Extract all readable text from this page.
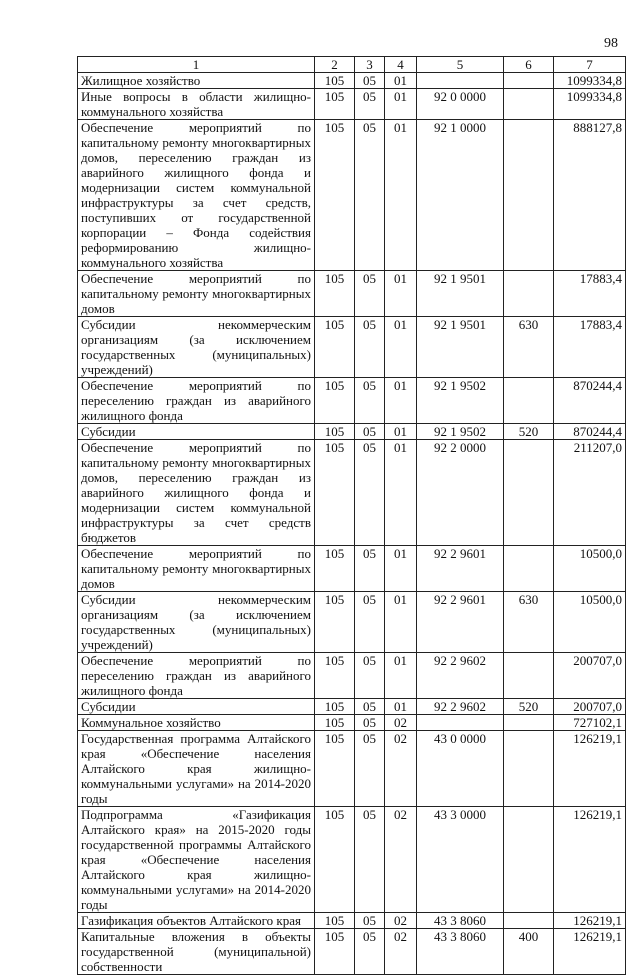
98
1	2	3	4	5	6	7
Жилищное хозяйство	105	05	01			1099334,8
Иные вопросы в области жилищно-коммунального хозяйства	105	05	01	92 0 0000		1099334,8
Обеспечение мероприятий по капитальному ремонту многоквартирных домов, переселению граждан из аварийного жилищного фонда и модернизации систем коммунальной инфраструктуры за счет средств, поступивших от государственной корпорации – Фонда содействия реформированию жилищно-коммунального хозяйства	105	05	01	92 1 0000		888127,8
Обеспечение мероприятий по капитальному ремонту многоквартирных домов	105	05	01	92 1 9501		17883,4
Субсидии некоммерческим организациям (за исключением государственных (муниципальных) учреждений)	105	05	01	92 1 9501	630	17883,4
Обеспечение мероприятий по переселению граждан из аварийного жилищного фонда	105	05	01	92 1 9502		870244,4
Субсидии	105	05	01	92 1 9502	520	870244,4
Обеспечение мероприятий по капитальному ремонту многоквартирных домов, переселению граждан из аварийного жилищного фонда и модернизации систем коммунальной инфраструктуры за счет средств бюджетов	105	05	01	92 2 0000		211207,0
Обеспечение мероприятий по капитальному ремонту многоквартирных домов	105	05	01	92 2 9601		10500,0
Субсидии некоммерческим организациям (за исключением государственных (муниципальных) учреждений)	105	05	01	92 2 9601	630	10500,0
Обеспечение мероприятий по переселению граждан из аварийного жилищного фонда	105	05	01	92 2 9602		200707,0
Субсидии	105	05	01	92 2 9602	520	200707,0
Коммунальное хозяйство	105	05	02			727102,1
Государственная программа Алтайского края «Обеспечение населения Алтайского края жилищно-коммунальными услугами» на 2014-2020 годы	105	05	02	43 0 0000		126219,1
Подпрограмма «Газификация Алтайского края» на 2015-2020 годы государственной программы Алтайского края «Обеспечение населения Алтайского края жилищно-коммунальными услугами» на 2014-2020 годы	105	05	02	43 3 0000		126219,1
Газификация объектов Алтайского края	105	05	02	43 3 8060		126219,1
Капитальные вложения в объекты государственной (муниципальной) собственности	105	05	02	43 3 8060	400	126219,1
